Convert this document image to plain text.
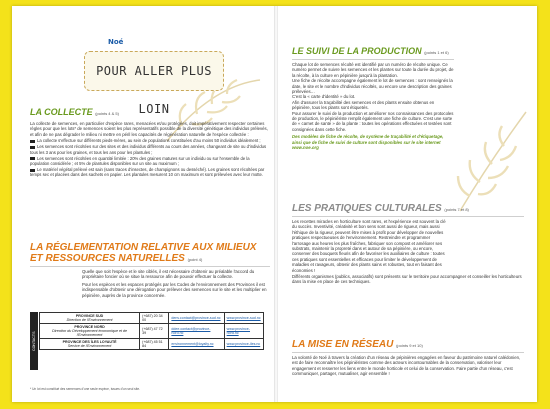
Noé
POUR ALLER PLUS LOIN
LA COLLECTE (points 4 & 5)
La collecte de semences, en particulier d'espèce rares, menacées et/ou protégées, doit impérativement respecter certaines règles pour que les lots* de semences soient les plus représentatifs possible de la diversité génétique des individus prélevés, et afin de ne pas dégrader le milieu ni mettre en péril les capacités de régénération naturelle de l'espèce collectée :
La collecte s'effectue sur différents pieds-mères, au sein de populations constituées d'au moins 50 individus idéalement ;
Les semences sont récoltées sur des sites et des individus différents au cours des années, changeant de site ou d'individus tous les 3 ans pour les graines, et tous les ans pour les plantules ;
Les semences sont récoltées en quantité limitée : 20% des graines matures sur un individu ou sur l'ensemble de la population considérée ; et 5% de plantules disponibles sur un site au maximum ;
Le matériel végétal prélevé est sain (sans traces d'insectes, de champignons ou desséché). Les graines sont récoltées par temps sec et placées dans des sachets en papier. Les plantules mesurent 10 cm maximum et sont prélevées avec leur motte.
LA RÉGLEMENTATION RELATIVE AUX MILIEUX ET RESSOURCES NATURELLES (point 4)
Quelle que soit l'espèce et le site ciblés, il est nécessaire d'obtenir au préalable l'accord du propriétaire foncier où se situe la ressource afin de pouvoir effectuer la collecte.
Pour les espèces et les espaces protégés par les Codes de l'environnement des Provinces il est indispensable d'obtenir une dérogation pour prélever des semences sur le site et les multiplier en pépinière, auprès de la province concernée.
CONTACTS
PROVINCE SUD
Direction de l'Environnement	(+687) 20 34 00	denv.contact@province-sud.nc	www.province-sud.nc
PROVINCE NORD
Direction du Développement économique et de l'Environnement	(+687) 47 72 39	ddee.contact@province-nord.nc	www.province-nord.nc
PROVINCE DES ÎLES LOYAUTÉ
Service de l'Environnement	(+687) 45 51 84	environnement@loyalty.nc	www.province-iles.nc
* Un lot est constitué des semences d'une seule espèce, issues d'un seul site.
LE SUIVI DE LA PRODUCTION (points 1 et 6)
Chaque lot de semences récolté est identifié par un numéro de récolte unique. Ce numéro permet de suivre les semences et les plantes sur toute la durée du projet, de la récolte, à la culture en pépinière jusqu'à la plantation.
Une fiche de récolte accompagne également le lot de semences : sont renseignés la date, le site et le nombre d'individus récoltés, ou encore une description des graines prélevées…
C'est la « carte d'identité » du lot.
Afin d'assurer la traçabilité des semences et des plants ensuite obtenus en pépinière, tous les plants sont étiquetés.
Pour assurer le suivi de la production et améliorer nos connaissances des protocoles de production, le pépiniériste remplit également une fiche de culture. C'est une sorte de « carnet de santé » de la plante : toutes les opérations effectuées et testées sont consignées dans cette fiche.
Des modèles de fiche de récolte, de système de traçabilité et d'étiquetage, ainsi que de fiche de suivi de culture sont disponibles sur le site internet www.noe.org
LES PRATIQUES CULTURALES (points 7 et 8)
Les recettes miracles en horticulture sont rares, et l'expérience est souvent la clé du succès. Inventivité, créativité et bon sens sont aussi de rigueur, mais aussi l'éthique de la rigueur, peuvent être mises à profit pour développer de nouvelles pratiques respectueuses de l'environnement. Restreindre et programmer l'arrosage aux heures les plus fraîches, fabriquer son compost et améliorer ses substrats, maintenir la propreté dans et autour de sa pépinière, ou encore, conserver des bouquets fleuris afin de favoriser les auxiliaires de culture : toutes ces pratiques sont essentielles et efficaces pour limiter le développement de maladies et ravageurs, obtenir des plants sains et robustes, tout en faisant des économies !
Différents organismes (publics, associatifs) sont présents sur le territoire pour accompagner et conseiller les horticulteurs dans la mise en place de ces techniques.
LA MISE EN RÉSEAU (points 9 et 10)
La volonté de Noé à travers la création d'un réseau de pépinières engagées en faveur du patrimoine naturel calédonien, est de faire reconnaître les pépiniéristes comme des acteurs incontournables de la conservation, valoriser leur engagement et resserrer les liens entre le monde horticole et celui de la conservation. Faire partie d'un réseau, c'est communiquer, partager, mutualiser, agir ensemble !
